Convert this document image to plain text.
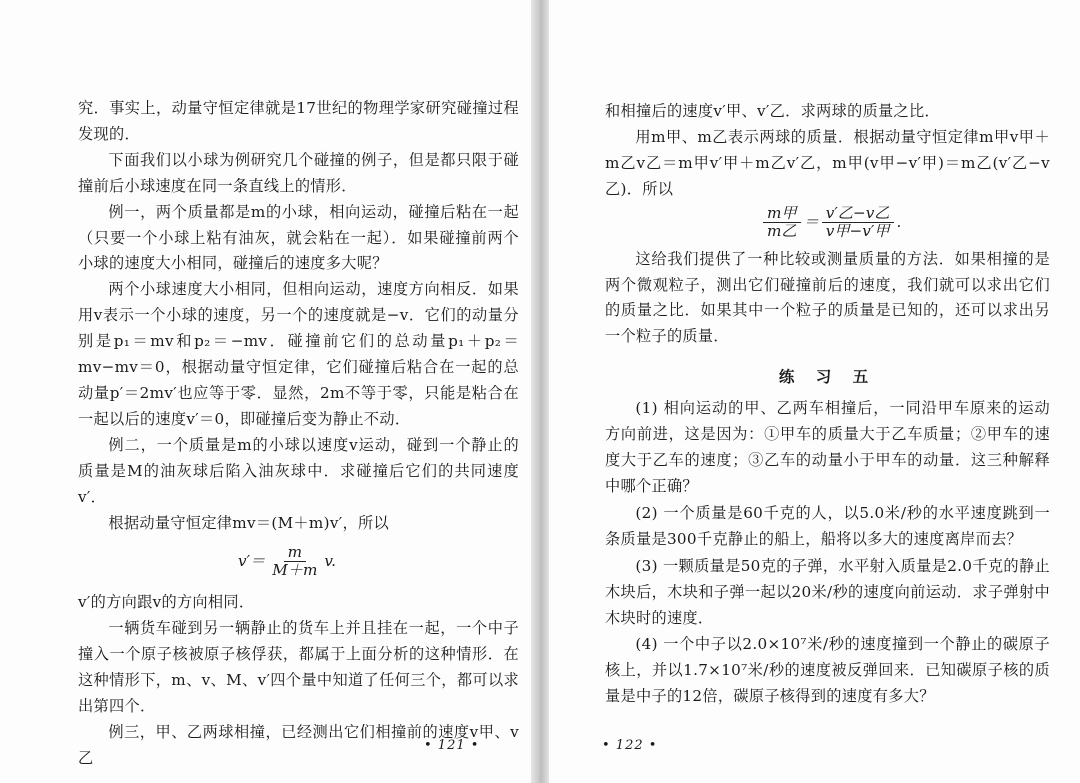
究．事实上，动量守恒定律就是17世纪的物理学家研究碰撞过程发现的．

下面我们以小球为例研究几个碰撞的例子，但是都只限于碰撞前后小球速度在同一条直线上的情形．

例一，两个质量都是m的小球，相向运动，碰撞后粘在一起（只要一个小球上粘有油灰，就会粘在一起）．如果碰撞前两个小球的速度大小相同，碰撞后的速度多大呢？

两个小球速度大小相同，但相向运动，速度方向相反．如果用v表示一个小球的速度，另一个的速度就是−v．它们的动量分别是p₁＝mv和p₂＝−mv．碰撞前它们的总动量p₁＋p₂＝mv−mv＝0，根据动量守恒定律，它们碰撞后粘合在一起的总动量p′＝2mv′也应等于零．显然，2m不等于零，只能是粘合在一起以后的速度v′＝0，即碰撞后变为静止不动．

例二，一个质量是m的小球以速度v运动，碰到一个静止的质量是M的油灰球后陷入油灰球中．求碰撞后它们的共同速度v′．

根据动量守恒定律mv＝(M＋m)v′，所以

$v'= \frac{m}{M+m} v$.

v′的方向跟v的方向相同．

一辆货车碰到另一辆静止的货车上并且挂在一起，一个中子撞入一个原子核被原子核俘获，都属于上面分析的这种情形．在这种情形下，m、v、M、v′四个量中知道了任何三个，都可以求出第四个．

例三，甲、乙两球相撞，已经测出它们相撞前的速度v甲、v乙

和相撞后的速度v′甲、v′乙．求两球的质量之比．

用m甲、m乙表示两球的质量．根据动量守恒定律m甲v甲＋m乙v乙＝m甲v′甲＋m乙v′乙，m甲(v甲−v′甲)＝m乙(v′乙−v乙)．所以

$\frac{\text{m甲}}{\text{m乙}} = \frac{\text{v′乙−v乙}}{\text{v甲−v′甲}}$ .

这给我们提供了一种比较或测量质量的方法．如果相撞的是两个微观粒子，测出它们碰撞前后的速度，我们就可以求出它们的质量之比．如果其中一个粒子的质量是已知的，还可以求出另一个粒子的质量．

练 习 五

(1) 相向运动的甲、乙两车相撞后，一同沿甲车原来的运动方向前进，这是因为：①甲车的质量大于乙车质量；②甲车的速度大于乙车的速度；③乙车的动量小于甲车的动量．这三种解释中哪个正确？

(2) 一个质量是60千克的人，以5.0米/秒的水平速度跳到一条质量是300千克静止的船上，船将以多大的速度离岸而去？

(3) 一颗质量是50克的子弹，水平射入质量是2.0千克的静止木块后，木块和子弹一起以20米/秒的速度向前运动．求子弹射中木块时的速度．

(4) 一个中子以2.0×10⁷米/秒的速度撞到一个静止的碳原子核上，并以1.7×10⁷米/秒的速度被反弹回来．已知碳原子核的质量是中子的12倍，碳原子核得到的速度有多大？

• 121 •	• 122 •
